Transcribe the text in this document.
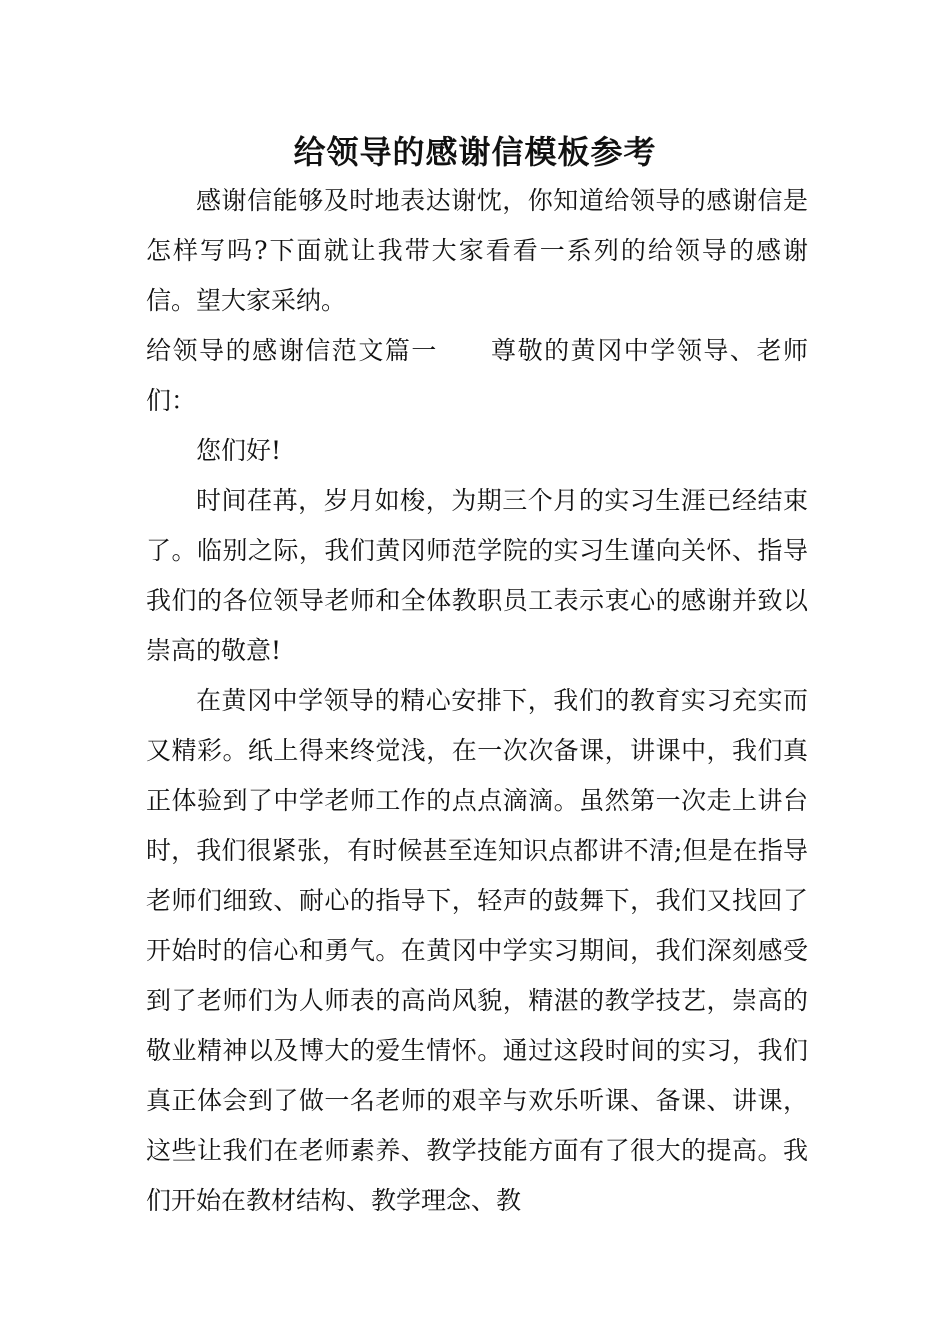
给领导的感谢信模板参考

感谢信能够及时地表达谢忱，你知道给领导的感谢信是怎样写吗?下面就让我带大家看看一系列的给领导的感谢信。望大家采纳。

给领导的感谢信范文篇一　　尊敬的黄冈中学领导、老师们：

您们好!

时间荏苒，岁月如梭，为期三个月的实习生涯已经结束了。临别之际，我们黄冈师范学院的实习生谨向关怀、指导我们的各位领导老师和全体教职员工表示衷心的感谢并致以崇高的敬意!

在黄冈中学领导的精心安排下，我们的教育实习充实而又精彩。纸上得来终觉浅，在一次次备课，讲课中，我们真正体验到了中学老师工作的点点滴滴。虽然第一次走上讲台时，我们很紧张，有时候甚至连知识点都讲不清;但是在指导老师们细致、耐心的指导下，轻声的鼓舞下，我们又找回了开始时的信心和勇气。在黄冈中学实习期间，我们深刻感受到了老师们为人师表的高尚风貌，精湛的教学技艺，崇高的敬业精神以及博大的爱生情怀。通过这段时间的实习，我们真正体会到了做一名老师的艰辛与欢乐听课、备课、讲课，这些让我们在老师素养、教学技能方面有了很大的提高。我们开始在教材结构、教学理念、教
